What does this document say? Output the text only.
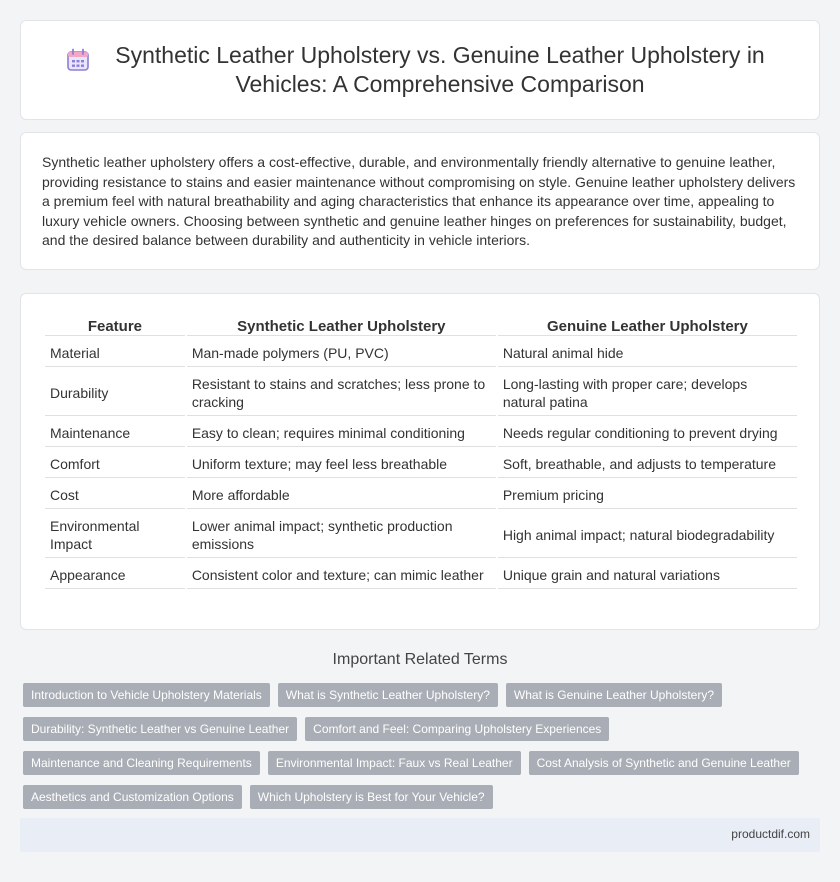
Synthetic Leather Upholstery vs. Genuine Leather Upholstery in Vehicles: A Comprehensive Comparison

Synthetic leather upholstery offers a cost-effective, durable, and environmentally friendly alternative to genuine leather, providing resistance to stains and easier maintenance without compromising on style. Genuine leather upholstery delivers a premium feel with natural breathability and aging characteristics that enhance its appearance over time, appealing to luxury vehicle owners. Choosing between synthetic and genuine leather hinges on preferences for sustainability, budget, and the desired balance between durability and authenticity in vehicle interiors.

Feature	Synthetic Leather Upholstery	Genuine Leather Upholstery
Material	Man-made polymers (PU, PVC)	Natural animal hide
Durability	Resistant to stains and scratches; less prone to cracking	Long-lasting with proper care; develops natural patina
Maintenance	Easy to clean; requires minimal conditioning	Needs regular conditioning to prevent drying
Comfort	Uniform texture; may feel less breathable	Soft, breathable, and adjusts to temperature
Cost	More affordable	Premium pricing
Environmental Impact	Lower animal impact; synthetic production emissions	High animal impact; natural biodegradability
Appearance	Consistent color and texture; can mimic leather	Unique grain and natural variations
Important Related Terms
Introduction to Vehicle Upholstery Materials	What is Synthetic Leather Upholstery?	What is Genuine Leather Upholstery?
Durability: Synthetic Leather vs Genuine Leather	Comfort and Feel: Comparing Upholstery Experiences
Maintenance and Cleaning Requirements	Environmental Impact: Faux vs Real Leather	Cost Analysis of Synthetic and Genuine Leather
Aesthetics and Customization Options	Which Upholstery is Best for Your Vehicle?
productdif.com
